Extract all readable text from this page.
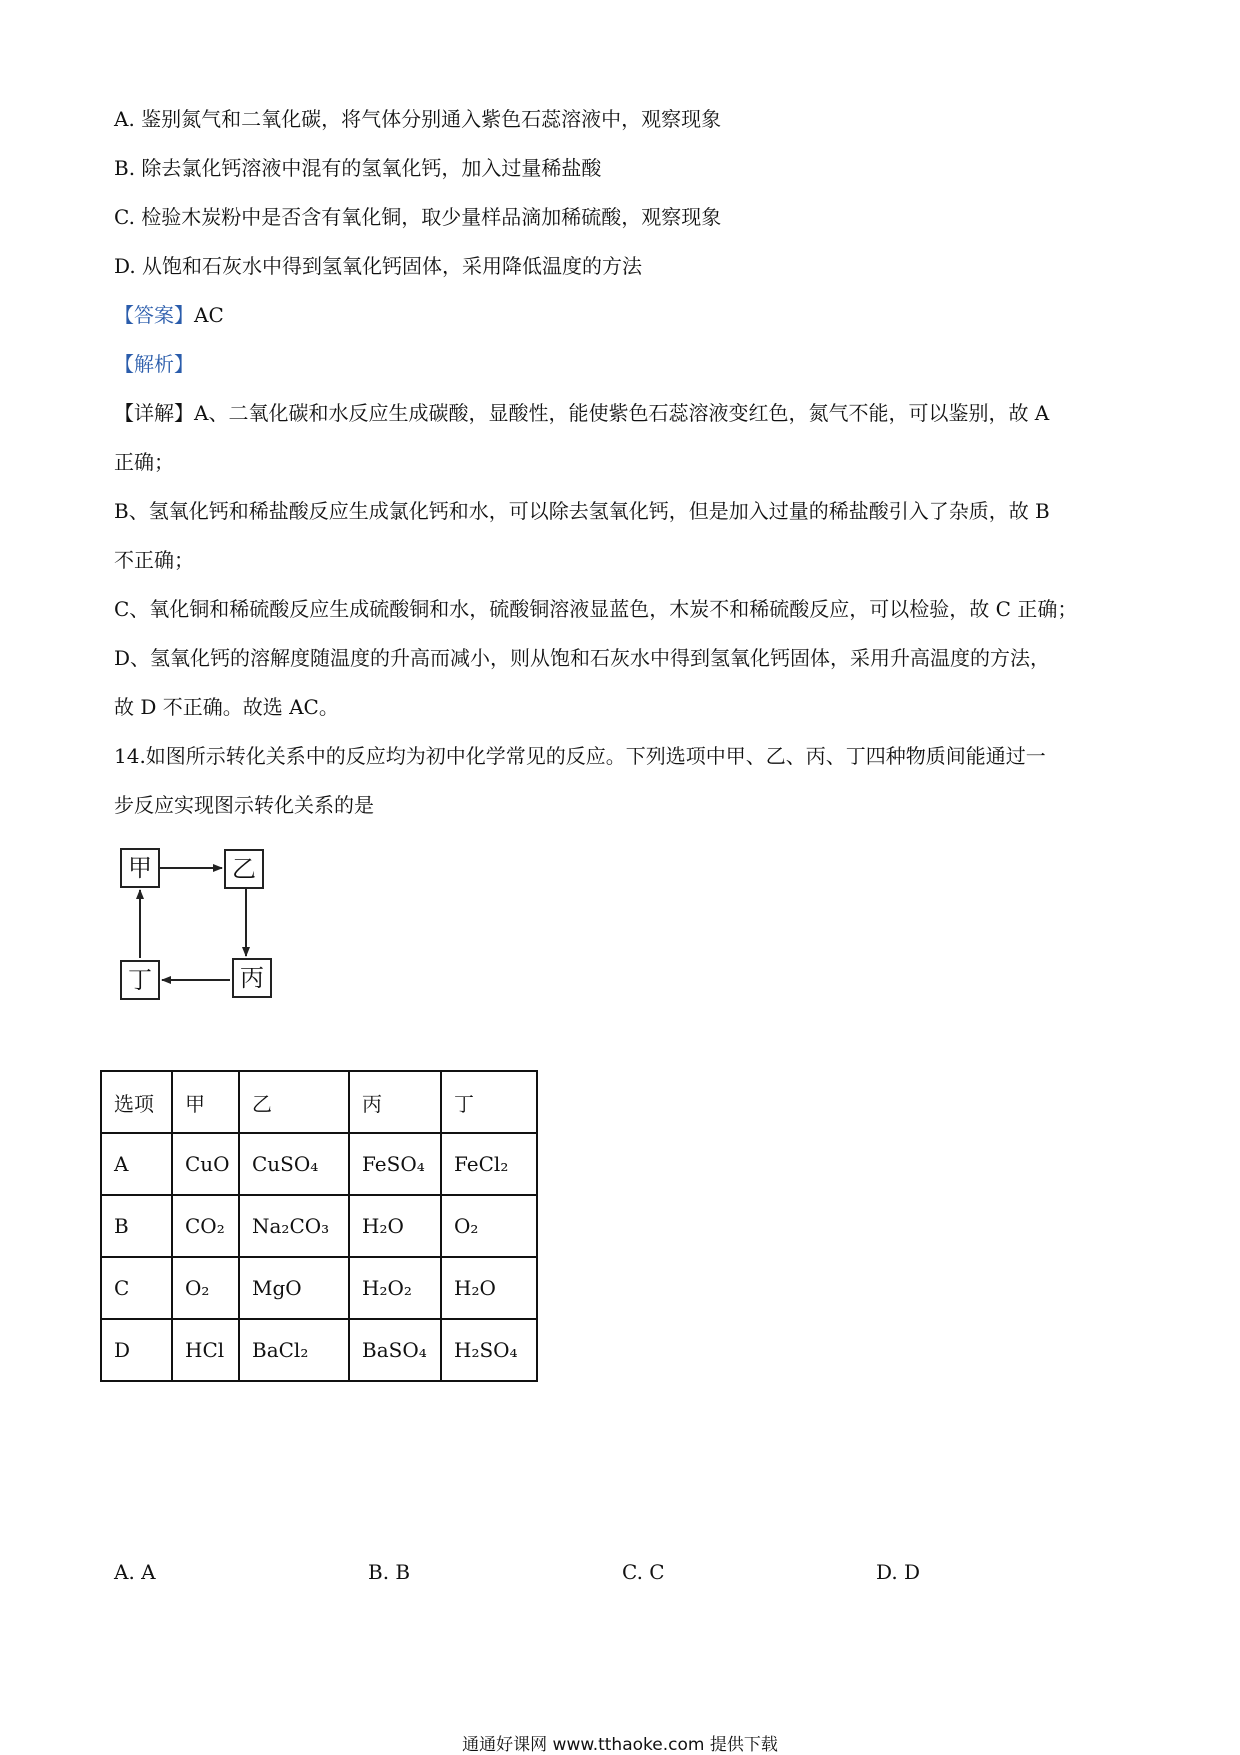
A. 鉴别氮气和二氧化碳，将气体分别通入紫色石蕊溶液中，观察现象
B. 除去氯化钙溶液中混有的氢氧化钙，加入过量稀盐酸
C. 检验木炭粉中是否含有氧化铜，取少量样品滴加稀硫酸，观察现象
D. 从饱和石灰水中得到氢氧化钙固体，采用降低温度的方法
【答案】AC
【解析】
【详解】A、二氧化碳和水反应生成碳酸，显酸性，能使紫色石蕊溶液变红色，氮气不能，可以鉴别，故 A
正确；
B、氢氧化钙和稀盐酸反应生成氯化钙和水，可以除去氢氧化钙，但是加入过量的稀盐酸引入了杂质，故 B
不正确；
C、氧化铜和稀硫酸反应生成硫酸铜和水，硫酸铜溶液显蓝色，木炭不和稀硫酸反应，可以检验，故 C 正确；
D、氢氧化钙的溶解度随温度的升高而减小，则从饱和石灰水中得到氢氧化钙固体，采用升高温度的方法，
故 D 不正确。故选 AC。
14.如图所示转化关系中的反应均为初中化学常见的反应。下列选项中甲、乙、丙、丁四种物质间能通过一
步反应实现图示转化关系的是
甲	乙
丙
丁
选项	甲	乙	丙	丁
A	CuO	CuSO₄	FeSO₄	FeCl₂
B	CO₂	Na₂CO₃	H₂O	O₂
C	O₂	MgO	H₂O₂	H₂O
D	HCl	BaCl₂	BaSO₄	H₂SO₄
A. A	B. B	C. C	D. D
通通好课网 www.tthaoke.com 提供下载
